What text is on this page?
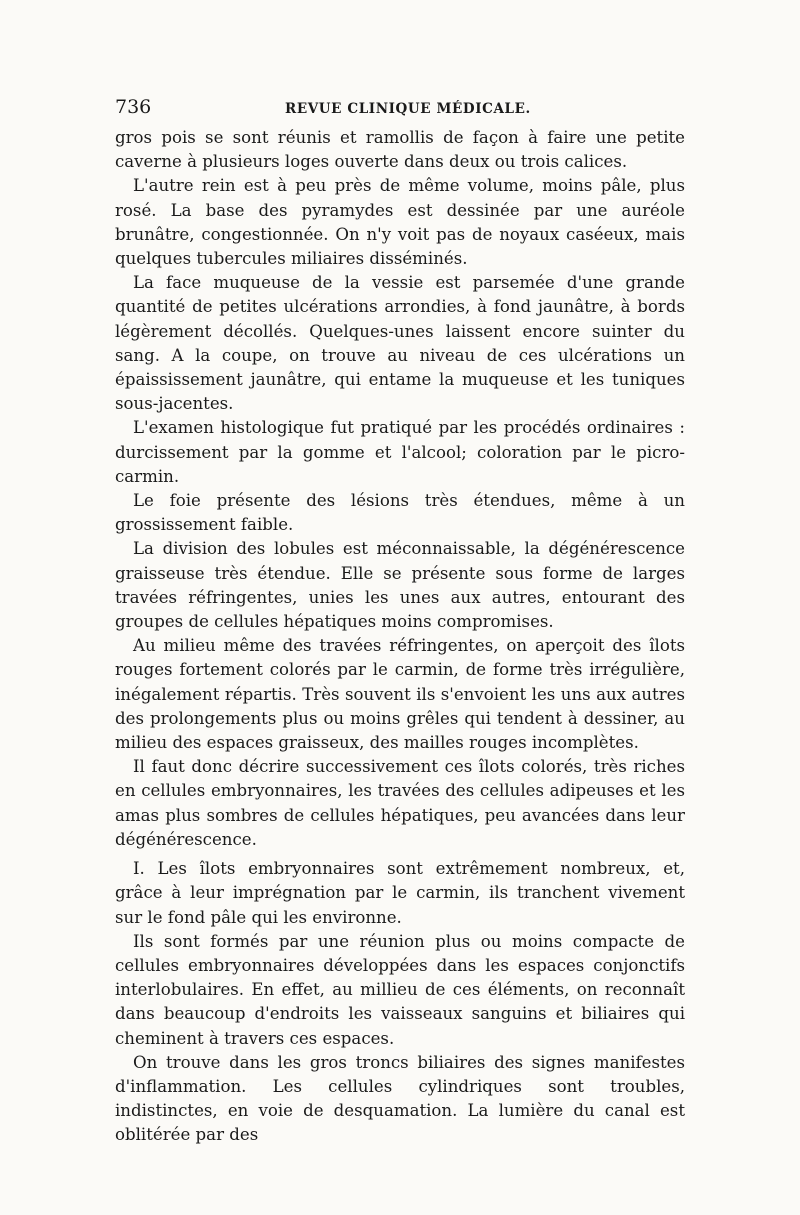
736	REVUE CLINIQUE MÉDICALE.

gros pois se sont réunis et ramollis de façon à faire une petite caverne à plusieurs loges ouverte dans deux ou trois calices.

L'autre rein est à peu près de même volume, moins pâle, plus rosé. La base des pyramydes est dessinée par une auréole brunâtre, congestionnée. On n'y voit pas de noyaux caséeux, mais quelques tubercules miliaires disséminés.

La face muqueuse de la vessie est parsemée d'une grande quantité de petites ulcérations arrondies, à fond jaunâtre, à bords légèrement décollés. Quelques-unes laissent encore suinter du sang. A la coupe, on trouve au niveau de ces ulcérations un épaississement jaunâtre, qui entame la muqueuse et les tuniques sous-jacentes.

L'examen histologique fut pratiqué par les procédés ordinaires : durcissement par la gomme et l'alcool; coloration par le picro-carmin.

Le foie présente des lésions très étendues, même à un grossissement faible.

La division des lobules est méconnaissable, la dégénérescence graisseuse très étendue. Elle se présente sous forme de larges travées réfringentes, unies les unes aux autres, entourant des groupes de cellules hépatiques moins compromises.

Au milieu même des travées réfringentes, on aperçoit des îlots rouges fortement colorés par le carmin, de forme très irrégulière, inégalement répartis. Très souvent ils s'envoient les uns aux autres des prolongements plus ou moins grêles qui tendent à dessiner, au milieu des espaces graisseux, des mailles rouges incomplètes.

Il faut donc décrire successivement ces îlots colorés, très riches en cellules embryonnaires, les travées des cellules adipeuses et les amas plus sombres de cellules hépatiques, peu avancées dans leur dégénérescence.

I. Les îlots embryonnaires sont extrêmement nombreux, et, grâce à leur imprégnation par le carmin, ils tranchent vivement sur le fond pâle qui les environne.

Ils sont formés par une réunion plus ou moins compacte de cellules embryonnaires développées dans les espaces conjonctifs interlobulaires. En effet, au millieu de ces éléments, on reconnaît dans beaucoup d'endroits les vaisseaux sanguins et biliaires qui cheminent à travers ces espaces.

On trouve dans les gros troncs biliaires des signes manifestes d'inflammation. Les cellules cylindriques sont troubles, indistinctes, en voie de desquamation. La lumière du canal est oblitérée par des
